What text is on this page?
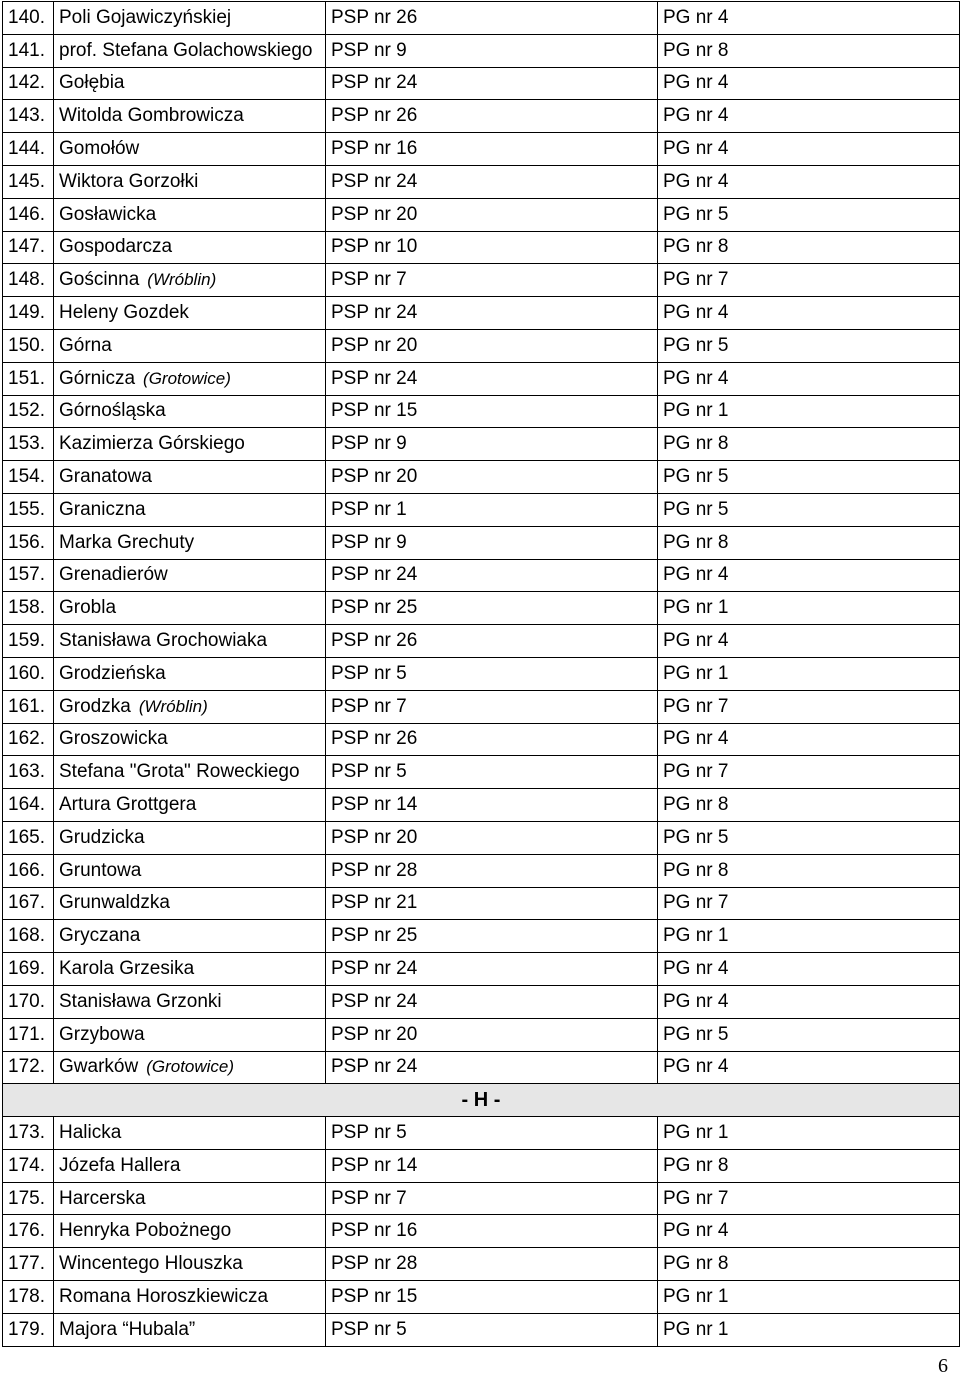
140.	Poli Gojawiczyńskiej	PSP nr 26	PG nr 4	
141.	prof. Stefana Golachowskiego	PSP nr 9	PG nr 8	
142.	Gołębia	PSP nr 24	PG nr 4	
143.	Witolda Gombrowicza	PSP nr 26	PG nr 4	
144.	Gomołów	PSP nr 16	PG nr 4	
145.	Wiktora Gorzołki	PSP nr 24	PG nr 4	
146.	Gosławicka	PSP nr 20	PG nr 5	
147.	Gospodarcza	PSP nr 10	PG nr 8	
148.	Gościnna (Wróblin)	PSP nr 7	PG nr 7	
149.	Heleny Gozdek	PSP nr 24	PG nr 4	
150.	Górna	PSP nr 20	PG nr 5	
151.	Górnicza (Grotowice)	PSP nr 24	PG nr 4	
152.	Górnośląska	PSP nr 15	PG nr 1	
153.	Kazimierza Górskiego	PSP nr 9	PG nr 8	
154.	Granatowa	PSP nr 20	PG nr 5	
155.	Graniczna	PSP nr 1	PG nr 5	
156.	Marka Grechuty	PSP nr 9	PG nr 8	
157.	Grenadierów	PSP nr 24	PG nr 4	
158.	Grobla	PSP nr 25	PG nr 1	
159.	Stanisława Grochowiaka	PSP nr 26	PG nr 4	
160.	Grodzieńska	PSP nr 5	PG nr 1	
161.	Grodzka (Wróblin)	PSP nr 7	PG nr 7	
162.	Groszowicka	PSP nr 26	PG nr 4	
163.	Stefana "Grota" Roweckiego	PSP nr 5	PG nr 7	
164.	Artura Grottgera	PSP nr 14	PG nr 8	
165.	Grudzicka	PSP nr 20	PG nr 5	
166.	Gruntowa	PSP nr 28	PG nr 8	
167.	Grunwaldzka	PSP nr 21	PG nr 7	
168.	Gryczana	PSP nr 25	PG nr 1	
169.	Karola Grzesika	PSP nr 24	PG nr 4	
170.	Stanisława Grzonki	PSP nr 24	PG nr 4	
171.	Grzybowa	PSP nr 20	PG nr 5	
172.	Gwarków (Grotowice)	PSP nr 24	PG nr 4	
- H -				
173.	Halicka	PSP nr 5	PG nr 1	
174.	Józefa Hallera	PSP nr 14	PG nr 8	
175.	Harcerska	PSP nr 7	PG nr 7	
176.	Henryka Pobożnego	PSP nr 16	PG nr 4	
177.	Wincentego Hlouszka	PSP nr 28	PG nr 8	
178.	Romana Horoszkiewicza	PSP nr 15	PG nr 1	
179.	Majora “Hubala”	PSP nr 5	PG nr 1	
6
